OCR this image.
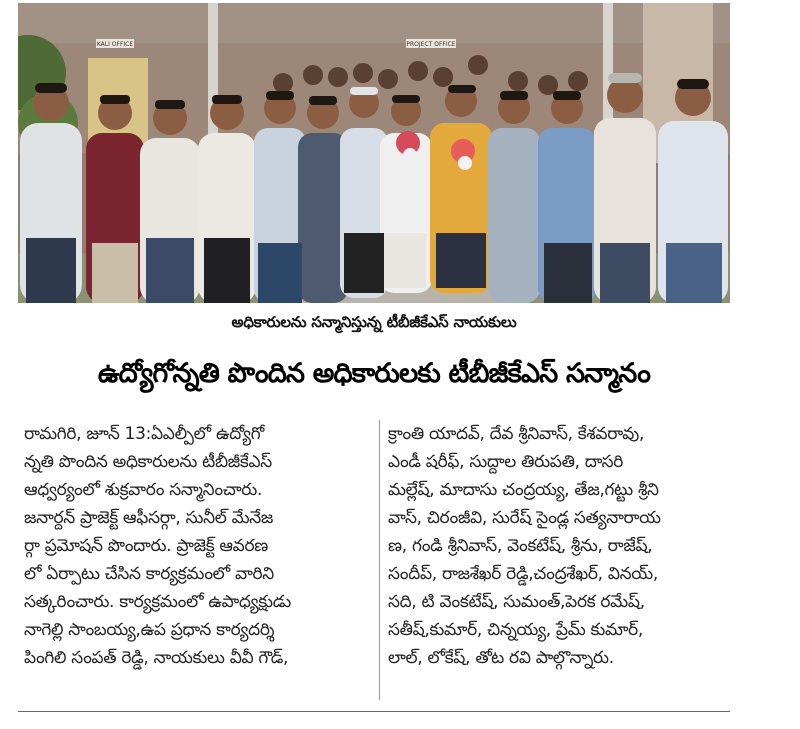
KALI OFFICE	PROJECT OFFICE
అధికారులను సన్మానిస్తున్న టీబీజీకేఎస్ నాయకులు
ఉద్యోగోన్నతి పొందిన అధికారులకు టీబీజీకేఎస్ సన్మానం
రామగిరి, జూన్ 13:ఏఎల్పీలో ఉద్యోగో
న్నతి పొందిన అధికారులను టీబీజీకేఎస్
ఆధ్వర్యంలో శుక్రవారం సన్మానించారు.
జనార్దన్ ప్రాజెక్ట్ ఆఫీసర్గా, సునీల్ మేనేజ
ర్గా ప్రమోషన్ పొందారు. ప్రాజెక్ట్ ఆవరణ
లో ఏర్పాటు చేసిన కార్యక్రమంలో వారిని
సత్కరించారు. కార్యక్రమంలో ఉపాధ్యక్షుడు
నాగెల్లి సాంబయ్య,ఉప ప్రధాన కార్యదర్శి
పింగిలి సంపత్ రెడ్డి, నాయకులు వీవీ గౌడ్,
క్రాంతి యాదవ్, దేవ శ్రీనివాస్, కేశవరావు,
ఎండీ షరీఫ్, సుద్దాల తిరుపతి, దాసరి
మల్లేష్, మాదాసు చంద్రయ్య, తేజ,గట్టు శ్రీని
వాస్, చిరంజీవి, సురేష్ సైండ్ల సత్యనారాయ
ణ, గండి శ్రీనివాస్, వెంకటేష్, శ్రీను, రాజేష్,
సందీప్, రాజశేఖర్ రెడ్డి,చంద్రశేఖర్, వినయ్,
సది, టి వెంకటేష్, సుమంత్,పెరక రమేష్,
సతీష్,కుమార్, చిన్నయ్య, ప్రేమ్ కుమార్,
లాల్, లోకేష్, తోట రవి పాల్గొన్నారు.
